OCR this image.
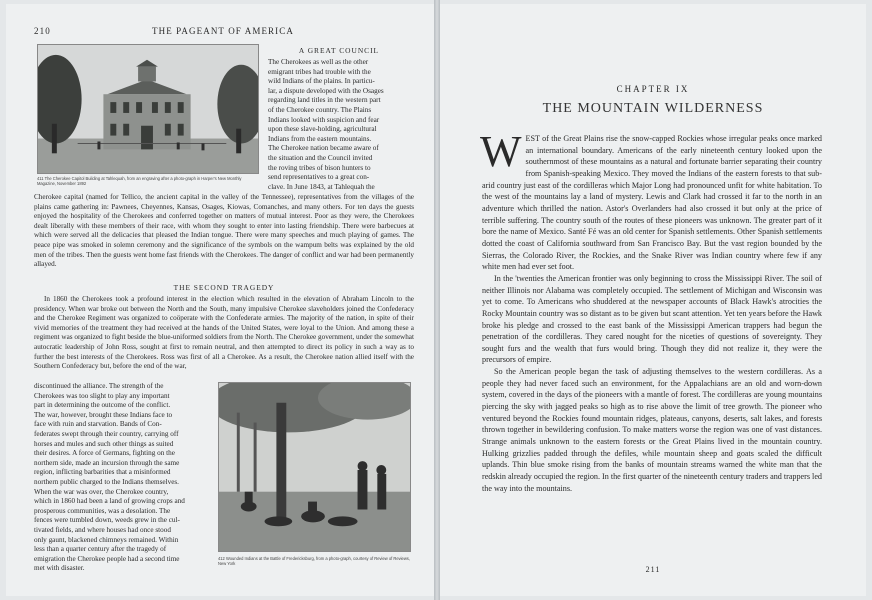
210	THE PAGEANT OF AMERICA
411 The Cherokee Capitol Building at Tahlequah, from an engraving after a photo-graph in Harper's New Monthly Magazine, November 1892
A GREAT COUNCIL
The Cherokees as well as the other
emigrant tribes had trouble with the
wild Indians of the plains. In particu-
lar, a dispute developed with the Osages
regarding land titles in the western part
of the Cherokee country. The Plains
Indians looked with suspicion and fear
upon these slave-holding, agricultural
Indians from the eastern mountains.
The Cherokee nation became aware of
the situation and the Council invited
the roving tribes of bison hunters to
send representatives to a great con-
clave. In June 1843, at Tahlequah the

Cherokee capital (named for Tellico, the ancient capital in the valley of the Tennessee), representatives from the villages of the plains came gathering in: Pawnees, Cheyennes, Kansas, Osages, Kiowas, Comanches, and many others. For ten days the guests enjoyed the hospitality of the Cherokees and conferred together on matters of mutual interest. Poor as they were, the Cherokees dealt liberally with these members of their race, with whom they sought to enter into lasting friendship. There were barbecues at which were served all the delicacies that pleased the Indian tongue. There were many speeches and much playing of games. The peace pipe was smoked in solemn ceremony and the significance of the symbols on the wampum belts was explained by the old men of the tribes. Then the guests went home fast friends with the Cherokees. The danger of conflict and war had been permanently allayed.

THE SECOND TRAGEDY

In 1860 the Cherokees took a profound interest in the election which resulted in the elevation of Abraham Lincoln to the presidency. When war broke out between the North and the South, many impulsive Cherokee slaveholders joined the Confederacy and the Cherokee Regiment was organized to coöperate with the Confederate armies. The majority of the nation, in spite of their vivid memories of the treatment they had received at the hands of the United States, were loyal to the Union. And among these a regiment was organized to fight beside the blue-uniformed soldiers from the North. The Cherokee government, under the somewhat autocratic leadership of John Ross, sought at first to remain neutral, and then attempted to direct its policy in such a way as to further the best interests of the Cherokees. Ross was first of all a Cherokee. As a result, the Cherokee nation allied itself with the Southern Confederacy but, before the end of the war,

discontinued the alliance. The strength of the
Cherokees was too slight to play any important
part in determining the outcome of the conflict.
The war, however, brought these Indians face to
face with ruin and starvation. Bands of Con-
federates swept through their country, carrying off
horses and mules and such other things as suited
their desires. A force of Germans, fighting on the
northern side, made an incursion through the same
region, inflicting barbarities that a misinformed
northern public charged to the Indians themselves.
When the war was over, the Cherokee country,
which in 1860 had been a land of growing crops and
prosperous communities, was a desolation. The
fences were tumbled down, weeds grew in the cul-
tivated fields, and where houses had once stood
only gaunt, blackened chimneys remained. Within
less than a quarter century after the tragedy of
emigration the Cherokee people had a second time
met with disaster.
412 Wounded Indians at the Battle of Fredericksburg, from a photo-graph, courtesy of Review of Reviews, New York
CHAPTER IX
THE MOUNTAIN WILDERNESS

WEST of the Great Plains rise the snow-capped Rockies whose irregular peaks once marked an international boundary. Americans of the early nineteenth century looked upon the southernmost of these mountains as a natural and fortunate barrier separating their country from Spanish-speaking Mexico. They moved the Indians of the eastern forests to that sub-arid country just east of the cordilleras which Major Long had pronounced unfit for white habitation. To the west of the mountains lay a land of mystery. Lewis and Clark had crossed it far to the north in an adventure which thrilled the nation. Astor's Overlanders had also crossed it but only at the price of terrible suffering. The country south of the routes of these pioneers was unknown. The greater part of it bore the name of Mexico. Santé Fé was an old center for Spanish settlements. Other Spanish settlements dotted the coast of California southward from San Francisco Bay. But the vast region bounded by the Sierras, the Colorado River, the Rockies, and the Snake River was Indian country where few if any white men had ever set foot.

In the 'twenties the American frontier was only beginning to cross the Mississippi River. The soil of neither Illinois nor Alabama was completely occupied. The settlement of Michigan and Wisconsin was yet to come. To Americans who shuddered at the newspaper accounts of Black Hawk's atrocities the Rocky Mountain country was so distant as to be given but scant attention. Yet ten years before the Hawk broke his pledge and crossed to the east bank of the Mississippi American trappers had begun the penetration of the cordilleras. They cared nought for the niceties of questions of sovereignty. They sought furs and the wealth that furs would bring. Though they did not realize it, they were the precursors of empire.

So the American people began the task of adjusting themselves to the western cordilleras. As a people they had never faced such an environment, for the Appalachians are an old and worn-down system, covered in the days of the pioneers with a mantle of forest. The cordilleras are young mountains piercing the sky with jagged peaks so high as to rise above the limit of tree growth. The pioneer who ventured beyond the Rockies found mountain ridges, plateaus, canyons, deserts, salt lakes, and forests thrown together in bewildering confusion. To make matters worse the region was one of vast distances. Strange animals unknown to the eastern forests or the Great Plains lived in the mountain country. Hulking grizzlies padded through the defiles, while mountain sheep and goats scaled the difficult uplands. Thin blue smoke rising from the banks of mountain streams warned the white man that the redskin already occupied the region. In the first quarter of the nineteenth century traders and trappers led the way into the mountains.

211
